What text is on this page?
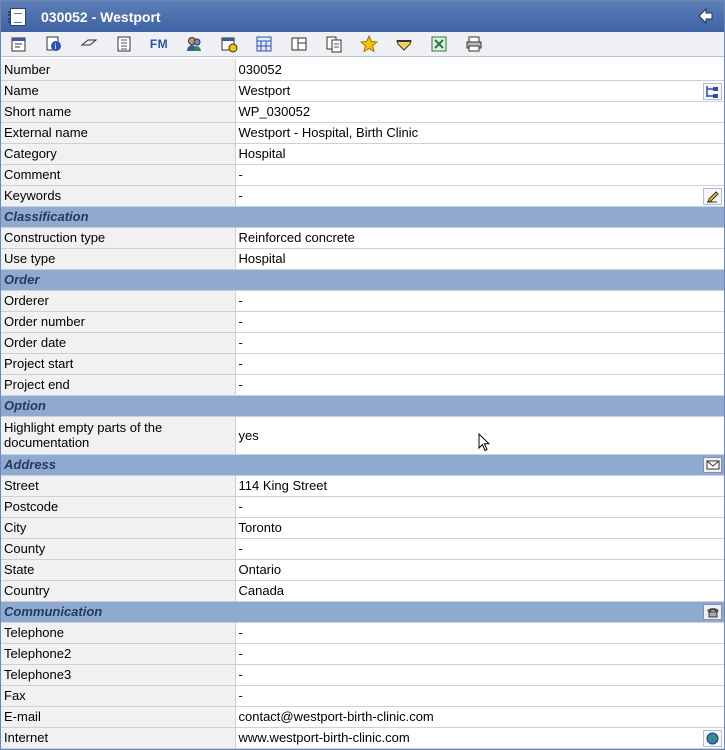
030052 - Westport
i	FM
Number	030052
Name	Westport

Short name	WP_030052
External name	Westport - Hospital, Birth Clinic
Category	Hospital
Comment	-
Keywords	-

Classification	
Construction type	Reinforced concrete
Use type	Hospital
Order	
Orderer	-
Order number	-
Order date	-
Project start	-
Project end	-
Option	
Highlight empty parts of the documentation	yes
Address	

Street	114 King Street
Postcode	-
City	Toronto
County	-
State	Ontario
Country	Canada
Communication	

Telephone	-
Telephone2	-
Telephone3	-
Fax	-
E-mail	contact@westport-birth-clinic.com
Internet	www.westport-birth-clinic.com
